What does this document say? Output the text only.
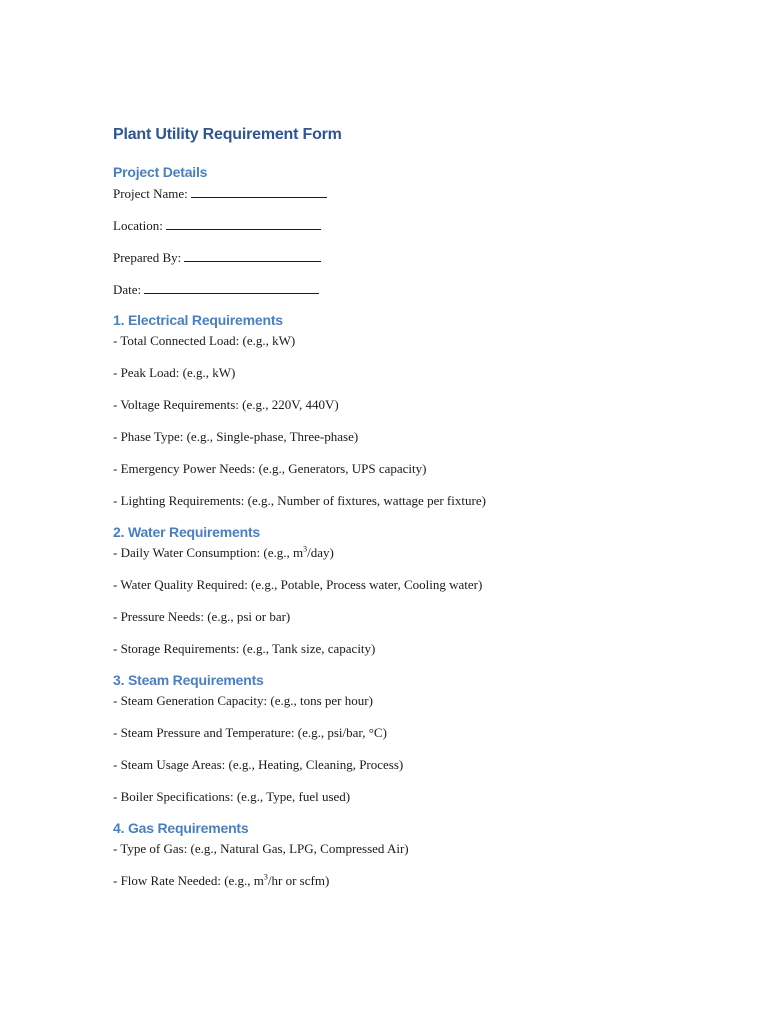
Plant Utility Requirement Form
Project Details

Project Name:

Location:

Prepared By:

Date:

1. Electrical Requirements

- Total Connected Load: (e.g., kW)

- Peak Load: (e.g., kW)

- Voltage Requirements: (e.g., 220V, 440V)

- Phase Type: (e.g., Single-phase, Three-phase)

- Emergency Power Needs: (e.g., Generators, UPS capacity)

- Lighting Requirements: (e.g., Number of fixtures, wattage per fixture)

2. Water Requirements

- Daily Water Consumption: (e.g., $m^3/day$)

- Water Quality Required: (e.g., Potable, Process water, Cooling water)

- Pressure Needs: (e.g., psi or bar)

- Storage Requirements: (e.g., Tank size, capacity)

3. Steam Requirements

- Steam Generation Capacity: (e.g., tons per hour)

- Steam Pressure and Temperature: (e.g., psi/bar, °C)

- Steam Usage Areas: (e.g., Heating, Cleaning, Process)

- Boiler Specifications: (e.g., Type, fuel used)

4. Gas Requirements

- Type of Gas: (e.g., Natural Gas, LPG, Compressed Air)

- Flow Rate Needed: (e.g., $m^3/hr$ or scfm)
